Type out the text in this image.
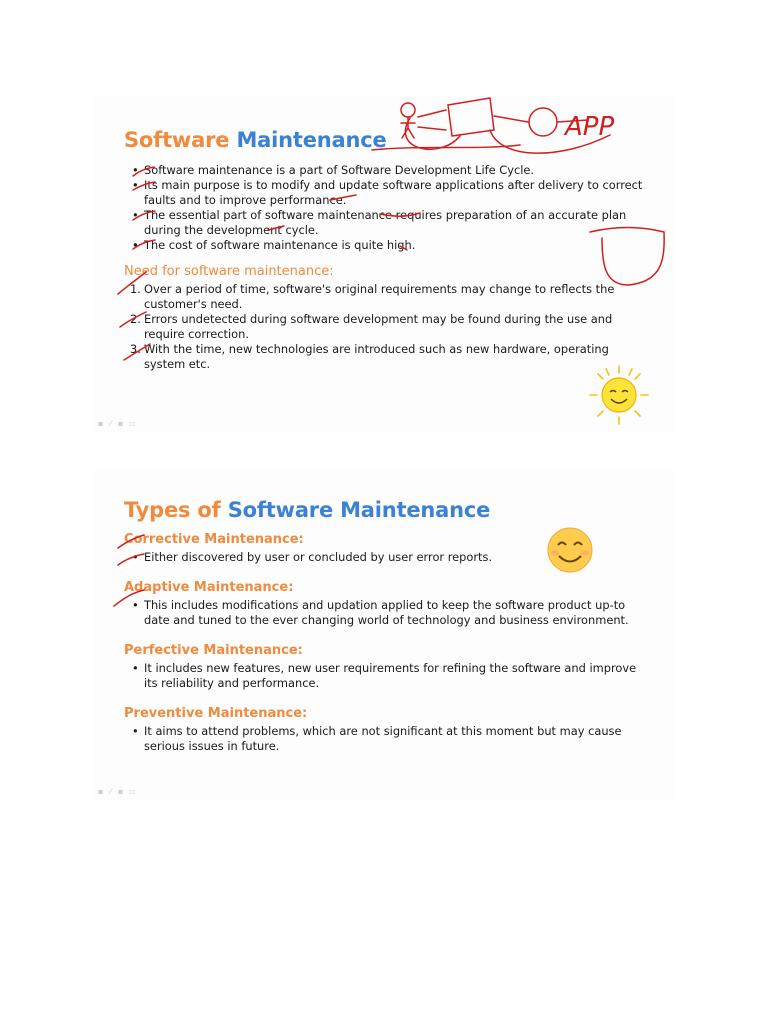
Software Maintenance
• Software maintenance is a part of Software Development Life Cycle.
• Its main purpose is to modify and update software applications after delivery to correct faults and to improve performance.
• The essential part of software maintenance requires preparation of an accurate plan during the development cycle.
• The cost of software maintenance is quite high.
Need for software maintenance:
1. Over a period of time, software's original requirements may change to reflects the customer's need.
2. Errors undetected during software development may be found during the use and require correction.
3. With the time, new technologies are introduced such as new hardware, operating system etc.
▪ ⁄ ▪ ▫
Types of Software Maintenance
Corrective Maintenance:
• Either discovered by user or concluded by user error reports.
Adaptive Maintenance:
• This includes modifications and updation applied to keep the software product up-to date and tuned to the ever changing world of technology and business environment.
Perfective Maintenance:
• It includes new features, new user requirements for refining the software and improve its reliability and performance.
Preventive Maintenance:
• It aims to attend problems, which are not significant at this moment but may cause serious issues in future.
▪ ⁄ ▪ ▫
APP
